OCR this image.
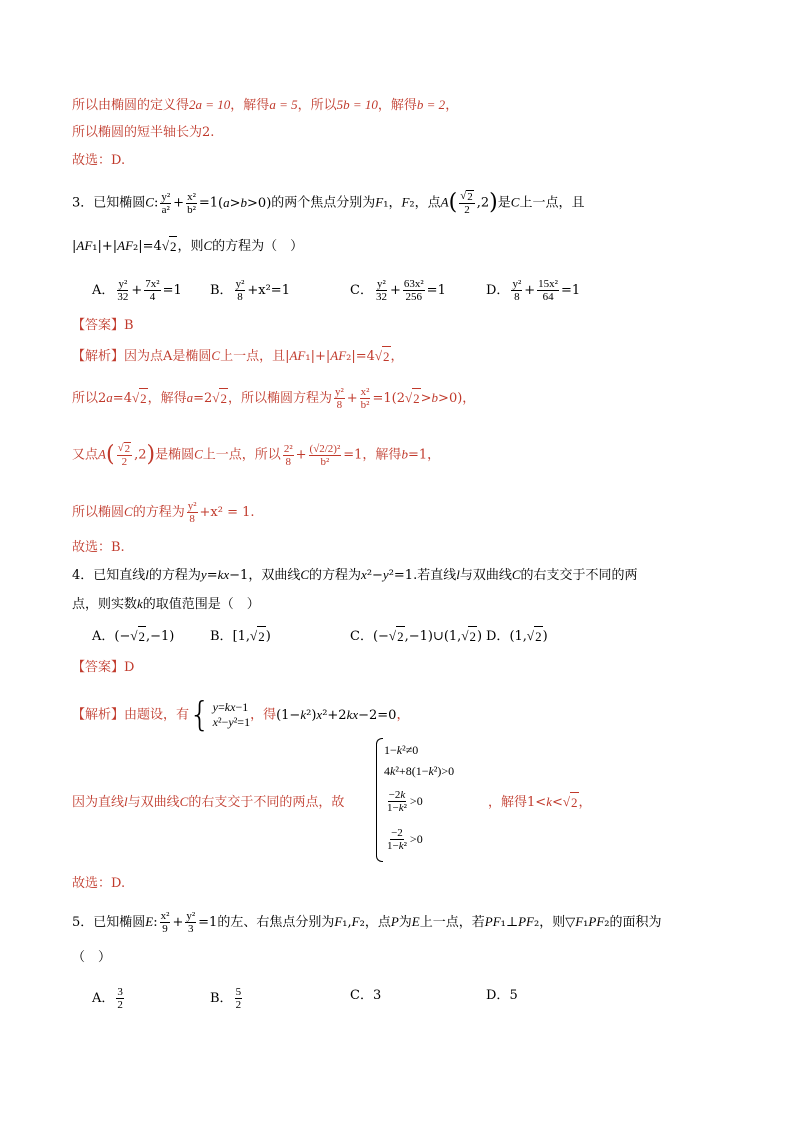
所以由椭圆的定义得2a = 10，解得a = 5，所以5b = 10，解得b = 2，
所以椭圆的短半轴长为2.
故选：D.
3．已知椭圆C: $\frac{\text{y²}}{\text{a²}} + \frac{\text{x²}}{\text{b²}} =1(a>b>0)$的两个焦点分别为F₁，F₂，点$A( \frac{√ 2}{2} ,2)$是C上一点，且
|AF₁|+|AF₂|=4 √ 2 ，则C的方程为（　）
A． $\frac{\text{y²}}{32} + \frac{\text{7x²}}{4} =1$ B． $\frac{\text{y²}}{8} +x^2=1$	C． $\frac{\text{y²}}{32} + \frac{\text{63x²}}{256} =1$	D． $\frac{\text{y²}}{8} + \frac{\text{15x²}}{64} =1$
【答案】B
【解析】因为点A是椭圆C上一点，且|AF₁|+|AF₂|=4 √ 2 ，
所以2a=4 √ 2 ，解得a=2 √ 2 ，所以椭圆方程为 $\frac{\text{y²}}{8} + \frac{\text{x²}}{\text{b²}} =1(2$ √ 2 >b>0)，
又点$A( \frac{√ 2}{2} ,2)$是椭圆C上一点，所以 $\frac{\text{2²}}{8} + \frac{\text{(√2/2)²}}{\text{b²}} =1$，解得b=1，
所以椭圆C的方程为 $\frac{\text{y²}}{8} +x^2 = 1$.
故选：B.
4．已知直线l的方程为y=kx−1，双曲线C的方程为x²−y²=1.若直线l与双曲线C的右支交于不同的两
点，则实数k的取值范围是（　）
A．(− √ 2 ,−1)	B．[1, √ 2 )	C．(− √ 2 ,−1)∪(1, √ 2 ) D．(1, √ 2 )
【答案】D
【解析】由题设，有 { y=kx−1
x²−y²=1 ，得(1−k²)x²+2kx−2=0，
1−k²≠0
4k²+8(1−k²)>0
−2k
1−k² >0
−2
1−k² >0
因为直线l与双曲线C的右支交于不同的两点，故	，解得1<k< √ 2 ，
故选：D.
5．已知椭圆E: $\frac{\text{x²}}{9} + \frac{\text{y²}}{3} =1$的左、右焦点分别为F₁,F₂，点P为E上一点，若PF₁⊥PF₂，则▽F₁PF₂的面积为
（　）
A． $\frac{3}{2}$	B． $\frac{5}{2}$	C．3	D．5
